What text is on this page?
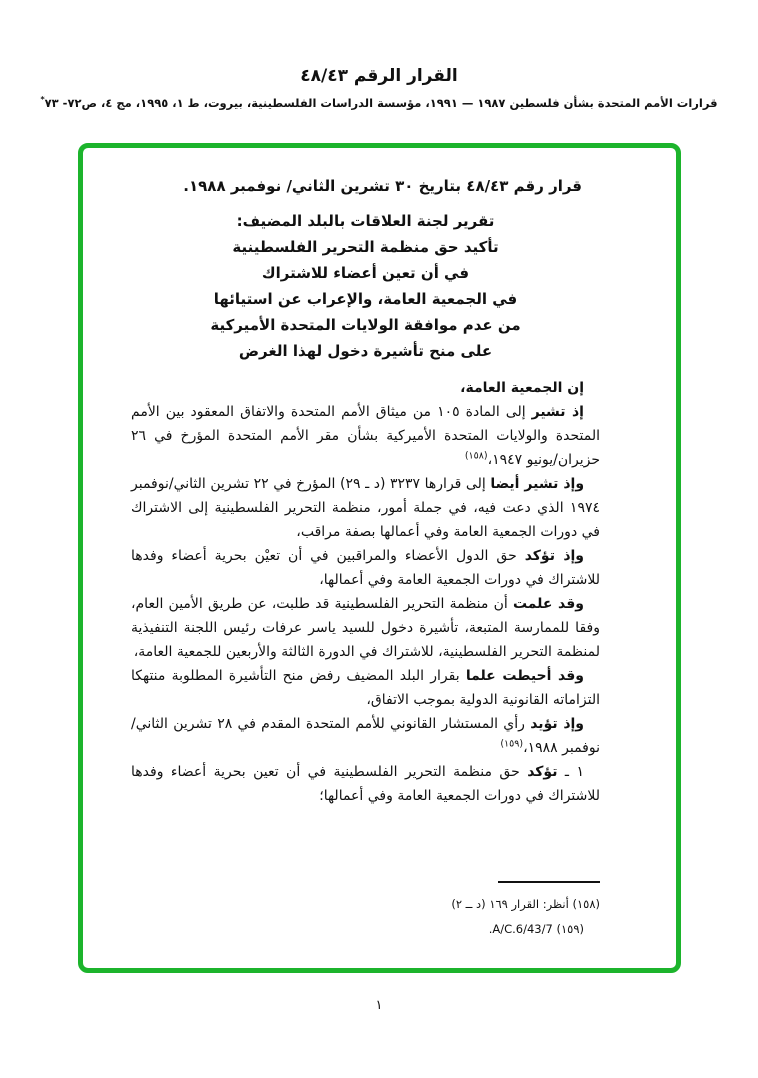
القرار الرقم ٤٨/٤٣
قرارات الأمم المتحدة بشأن فلسطين ١٩٨٧ — ١٩٩١، مؤسسة الدراسات الفلسطينية، بيروت، ط ١، ١٩٩٥، مج ٤، ص٧٢- ٧٣*

قرار رقم ٤٨/٤٣ بتاريخ ٣٠ تشرين الثاني/ نوفمبر ١٩٨٨.

تقرير لجنة العلاقات بالبلد المضيف:
تأكيد حق منظمة التحرير الفلسطينية
في أن تعين أعضاء للاشتراك
في الجمعية العامة، والإعراب عن استيائها
من عدم موافقة الولايات المتحدة الأميركية
على منح تأشيرة دخول لهذا الغرض

إن الجمعية العامة،

إذ تشير إلى المادة ١٠٥ من ميثاق الأمم المتحدة والاتفاق المعقود بين الأمم المتحدة والولايات المتحدة الأميركية بشأن مقر الأمم المتحدة المؤرخ في ٢٦ حزيران/يونيو ١٩٤٧،$^{(١٥٨)}$

وإذ تشير أيضا إلى قرارها ٣٢٣٧ (د ـ ٢٩) المؤرخ في ٢٢ تشرين الثاني/نوفمبر ١٩٧٤ الذي دعت فيه، في جملة أمور، منظمة التحرير الفلسطينية إلى الاشتراك في دورات الجمعية العامة وفي أعمالها بصفة مراقب،

وإذ تؤكد حق الدول الأعضاء والمراقبين في أن تعيْن بحرية أعضاء وفدها للاشتراك في دورات الجمعية العامة وفي أعمالها،

وقد علمت أن منظمة التحرير الفلسطينية قد طلبت، عن طريق الأمين العام، وفقا للممارسة المتبعة، تأشيرة دخول للسيد ياسر عرفات رئيس اللجنة التنفيذية لمنظمة التحرير الفلسطينية، للاشتراك في الدورة الثالثة والأربعين للجمعية العامة،

وقد أحيطت علما بقرار البلد المضيف رفض منح التأشيرة المطلوبة منتهكا التزاماته القانونية الدولية بموجب الاتفاق،

وإذ تؤيد رأي المستشار القانوني للأمم المتحدة المقدم في ٢٨ تشرين الثاني/نوفمبر ١٩٨٨،$^{(١٥٩)}$

١ ـ تؤكد حق منظمة التحرير الفلسطينية في أن تعين بحرية أعضاء وفدها للاشتراك في دورات الجمعية العامة وفي أعمالها؛

(١٥٨) أنظر: القرار ١٦٩ (د ــ ٢)
(١٥٩) A/C.6/43/7.
١
